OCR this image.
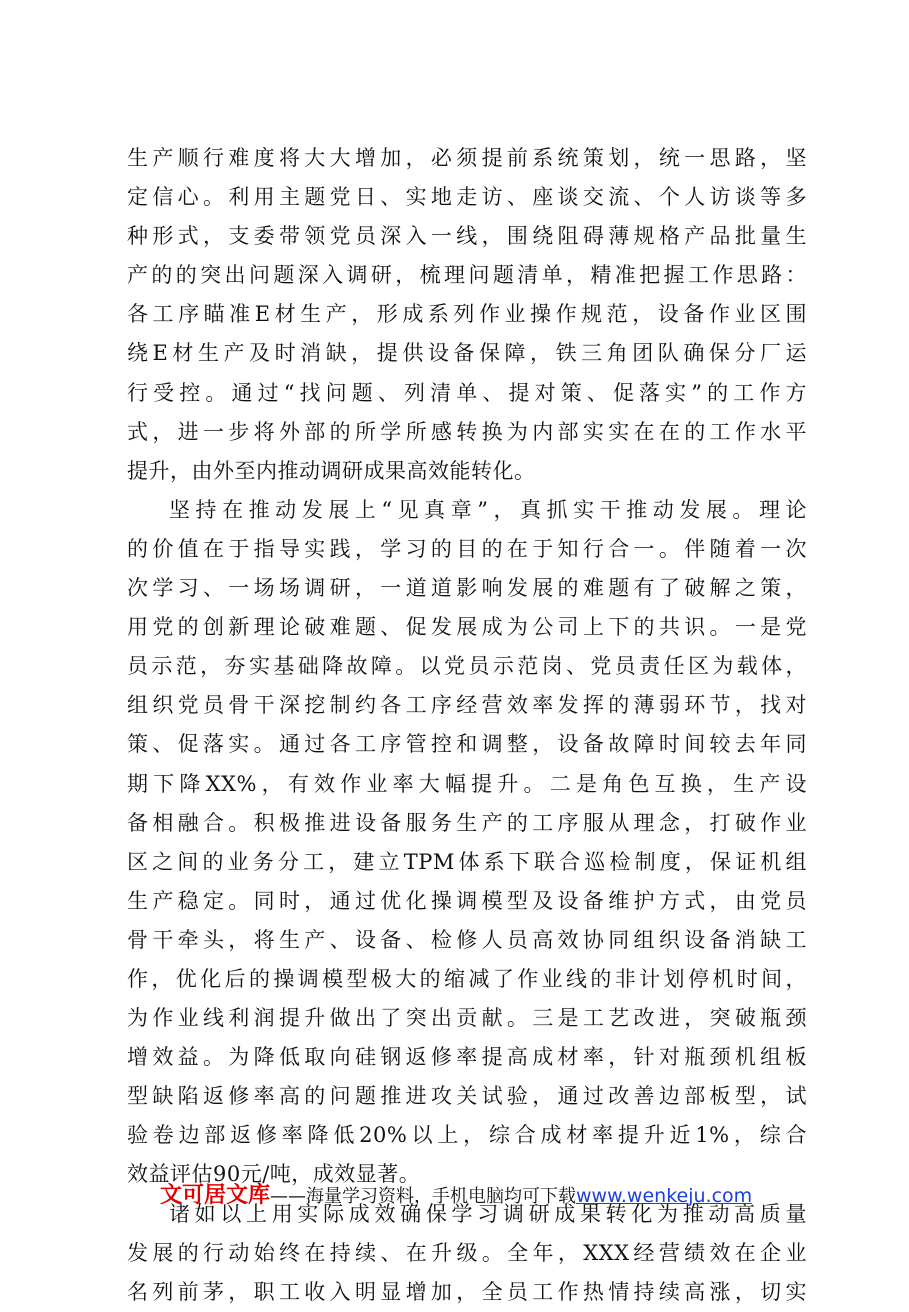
生产顺行难度将大大增加，必须提前系统策划，统一思路，坚
定信心。利用主题党日、实地走访、座谈交流、个人访谈等多
种形式，支委带领党员深入一线，围绕阻碍薄规格产品批量生
产的的突出问题深入调研，梳理问题清单，精准把握工作思路：
各工序瞄准E材生产，形成系列作业操作规范，设备作业区围
绕E材生产及时消缺，提供设备保障，铁三角团队确保分厂运
行受控。通过“找问题、列清单、提对策、促落实”的工作方
式，进一步将外部的所学所感转换为内部实实在在的工作水平
提升，由外至内推动调研成果高效能转化。
坚持在推动发展上“见真章”，真抓实干推动发展。理论
的价值在于指导实践，学习的目的在于知行合一。伴随着一次
次学习、一场场调研，一道道影响发展的难题有了破解之策，
用党的创新理论破难题、促发展成为公司上下的共识。一是党
员示范，夯实基础降故障。以党员示范岗、党员责任区为载体，
组织党员骨干深挖制约各工序经营效率发挥的薄弱环节，找对
策、促落实。通过各工序管控和调整，设备故障时间较去年同
期下降XX%，有效作业率大幅提升。二是角色互换，生产设
备相融合。积极推进设备服务生产的工序服从理念，打破作业
区之间的业务分工，建立TPM体系下联合巡检制度，保证机组
生产稳定。同时，通过优化操调模型及设备维护方式，由党员
骨干牵头，将生产、设备、检修人员高效协同组织设备消缺工
作，优化后的操调模型极大的缩减了作业线的非计划停机时间，
为作业线利润提升做出了突出贡献。三是工艺改进，突破瓶颈
增效益。为降低取向硅钢返修率提高成材率，针对瓶颈机组板
型缺陷返修率高的问题推进攻关试验，通过改善边部板型，试
验卷边部返修率降低20%以上，综合成材率提升近1%，综合
效益评估90元/吨，成效显著。
诸如以上用实际成效确保学习调研成果转化为推动高质量
发展的行动始终在持续、在升级。全年，XXX经营绩效在企业
名列前茅，职工收入明显增加，全员工作热情持续高涨，切实
文可居文库——海量学习资料，手机电脑均可下载www.wenkeju.com
